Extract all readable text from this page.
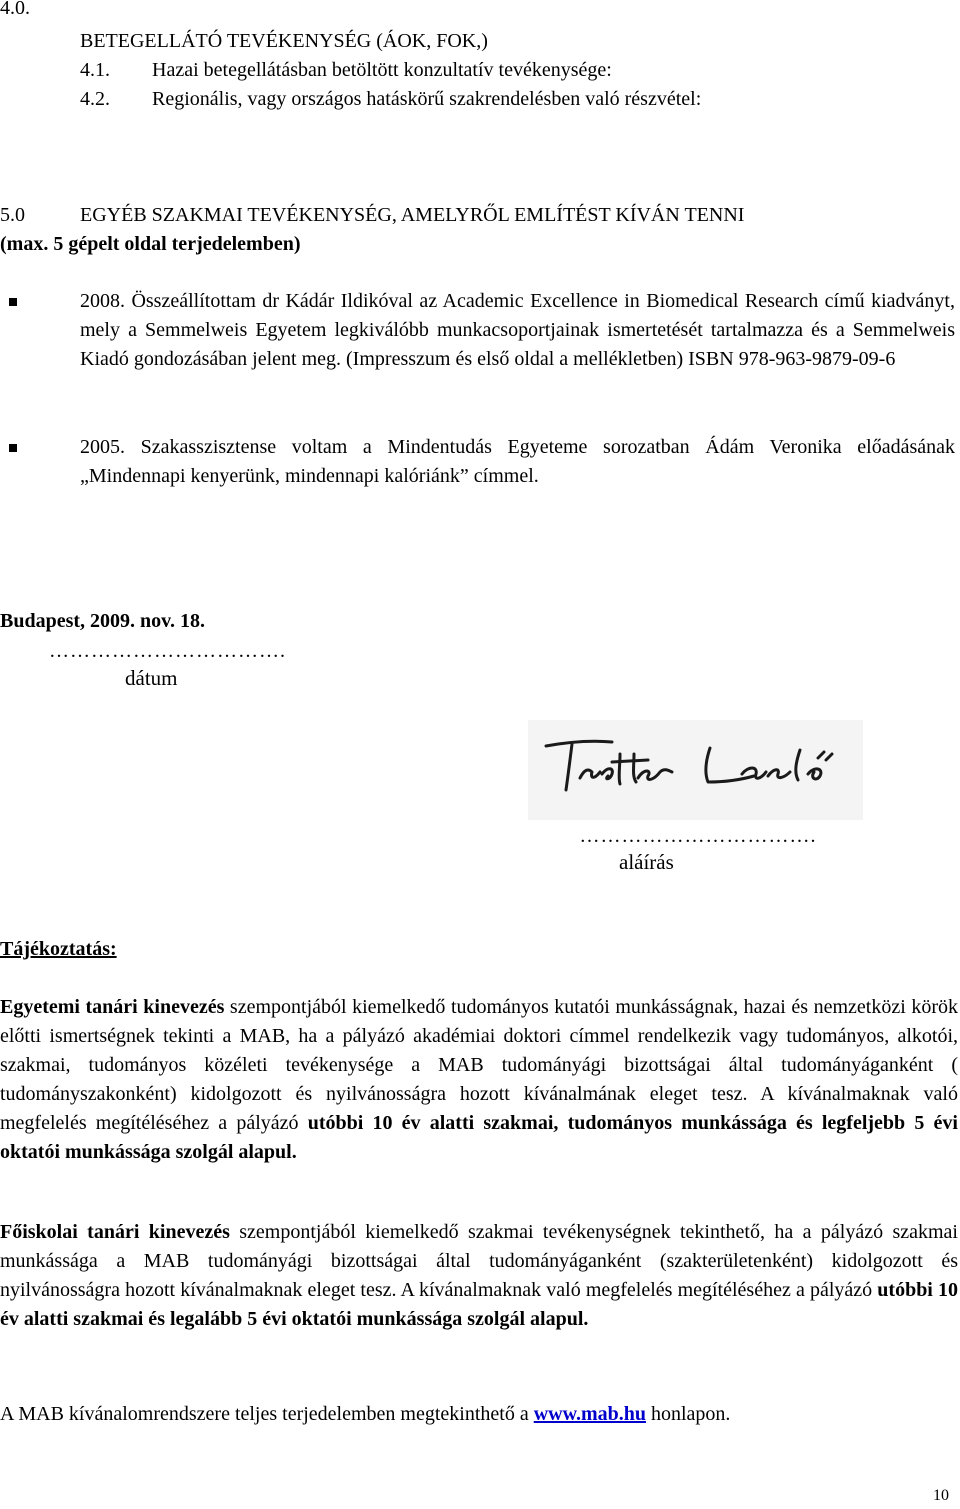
4.0.
BETEGELLÁTÓ TEVÉKENYSÉG (ÁOK, FOK,)
4.1. Hazai betegellátásban betöltött konzultatív tevékenysége:
4.2. Regionális, vagy országos hatáskörű szakrendelésben való részvétel:
5.0	EGYÉB SZAKMAI TEVÉKENYSÉG, AMELYRŐL EMLÍTÉST KÍVÁN TENNI
(max. 5 gépelt oldal terjedelemben)
2008. Összeállítottam dr Kádár Ildikóval az Academic Excellence in Biomedical Research című kiadványt, mely a Semmelweis Egyetem legkiválóbb munkacsoportjainak ismertetését tartalmazza és a Semmelweis Kiadó gondozásában jelent meg. (Impresszum és első oldal a mellékletben) ISBN 978-963-9879-09-6
2005. Szakasszisztense voltam a Mindentudás Egyeteme sorozatban Ádám Veronika előadásának „Mindennapi kenyerünk, mindennapi kalóriánk” címmel.
Budapest, 2009. nov. 18.
…………………………….
dátum
…………………………….
aláírás
Tájékoztatás:
Egyetemi tanári kinevezés szempontjából kiemelkedő tudományos kutatói munkásságnak, hazai és nemzetközi körök előtti ismertségnek tekinti a MAB, ha a pályázó akadémiai doktori címmel rendelkezik vagy tudományos, alkotói, szakmai, tudományos közéleti tevékenysége a MAB tudományági bizottságai által tudományáganként ( tudományszakonként) kidolgozott és nyilvánosságra hozott kívánalmának eleget tesz. A kívánalmaknak való megfelelés megítéléséhez a pályázó utóbbi 10 év alatti szakmai, tudományos munkássága és legfeljebb 5 évi oktatói munkássága szolgál alapul.
Főiskolai tanári kinevezés szempontjából kiemelkedő szakmai tevékenységnek tekinthető, ha a pályázó szakmai munkássága a MAB tudományági bizottságai által tudományáganként (szakterületenként) kidolgozott és nyilvánosságra hozott kívánalmaknak eleget tesz. A kívánalmaknak való megfelelés megítéléséhez a pályázó utóbbi 10 év alatti szakmai és legalább 5 évi oktatói munkássága szolgál alapul.
A MAB kívánalomrendszere teljes terjedelemben megtekinthető a www.mab.hu honlapon.
10
